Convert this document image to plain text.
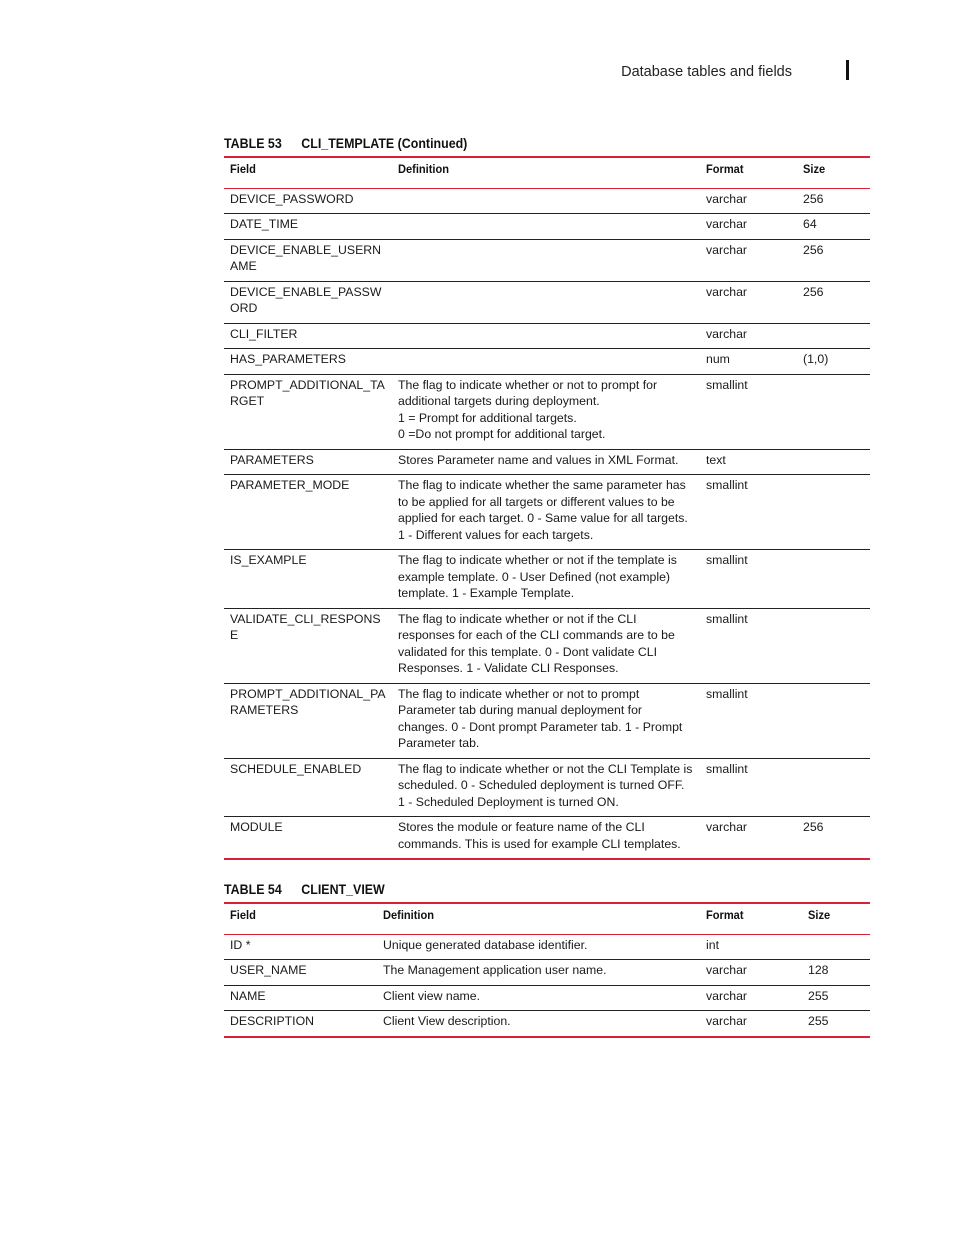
Database tables and fields
TABLE 53 CLI_TEMPLATE (Continued)
Field	Definition	Format	Size
DEVICE_PASSWORD		varchar	256
DATE_TIME		varchar	64
DEVICE_ENABLE_USERNAME		varchar	256
DEVICE_ENABLE_PASSWORD		varchar	256
CLI_FILTER		varchar	
HAS_PARAMETERS		num	(1,0)
PROMPT_ADDITIONAL_TARGET	The flag to indicate whether or not to prompt for additional targets during deployment.
1 = Prompt for additional targets.
0 =Do not prompt for additional target.	smallint	
PARAMETERS	Stores Parameter name and values in XML Format.	text	
PARAMETER_MODE	The flag to indicate whether the same parameter has to be applied for all targets or different values to be applied for each target. 0 - Same value for all targets. 1 - Different values for each targets.	smallint	
IS_EXAMPLE	The flag to indicate whether or not if the template is example template. 0 - User Defined (not example) template. 1 - Example Template.	smallint	
VALIDATE_CLI_RESPONSE	The flag to indicate whether or not if the CLI responses for each of the CLI commands are to be validated for this template. 0 - Dont validate CLI Responses. 1 - Validate CLI Responses.	smallint	
PROMPT_ADDITIONAL_PARAMETERS	The flag to indicate whether or not to prompt Parameter tab during manual deployment for changes. 0 - Dont prompt Parameter tab. 1 - Prompt Parameter tab.	smallint	
SCHEDULE_ENABLED	The flag to indicate whether or not the CLI Template is scheduled. 0 - Scheduled deployment is turned OFF. 1 - Scheduled Deployment is turned ON.	smallint	
MODULE	Stores the module or feature name of the CLI commands. This is used for example CLI templates.	varchar	256
TABLE 54 CLIENT_VIEW
Field	Definition	Format	Size
ID *	Unique generated database identifier.	int	
USER_NAME	The Management application user name.	varchar	128
NAME	Client view name.	varchar	255
DESCRIPTION	Client View description.	varchar	255
